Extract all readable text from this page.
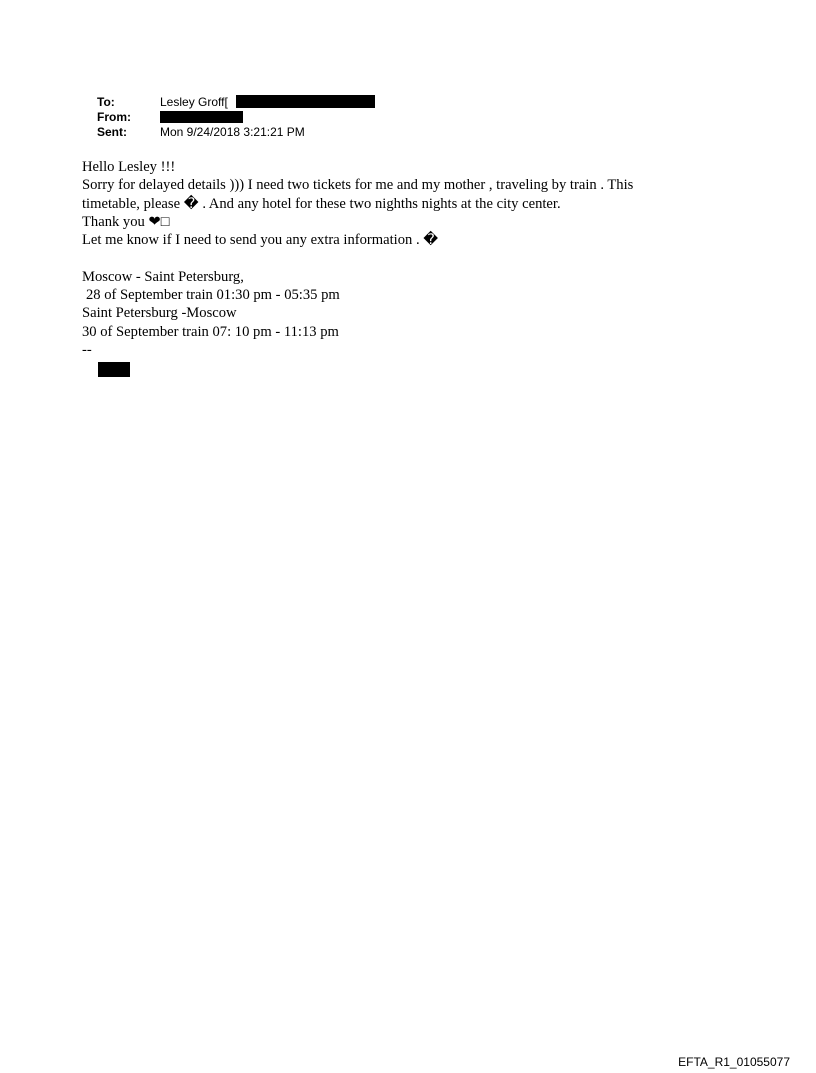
To:	Lesley Groff[
From:
Sent:	Mon 9/24/2018 3:21:21 PM
Hello Lesley !!!
Sorry for delayed details ))) I need two tickets for me and my mother , traveling by train . This
timetable, please � . And any hotel for these two nighths nights at the city center.
Thank you ❤□
Let me know if I need to send you any extra information . �
Moscow - Saint Petersburg,
28 of September train 01:30 pm - 05:35 pm
Saint Petersburg -Moscow
30 of September train 07: 10 pm - 11:13 pm
--
EFTA_R1_01055077
